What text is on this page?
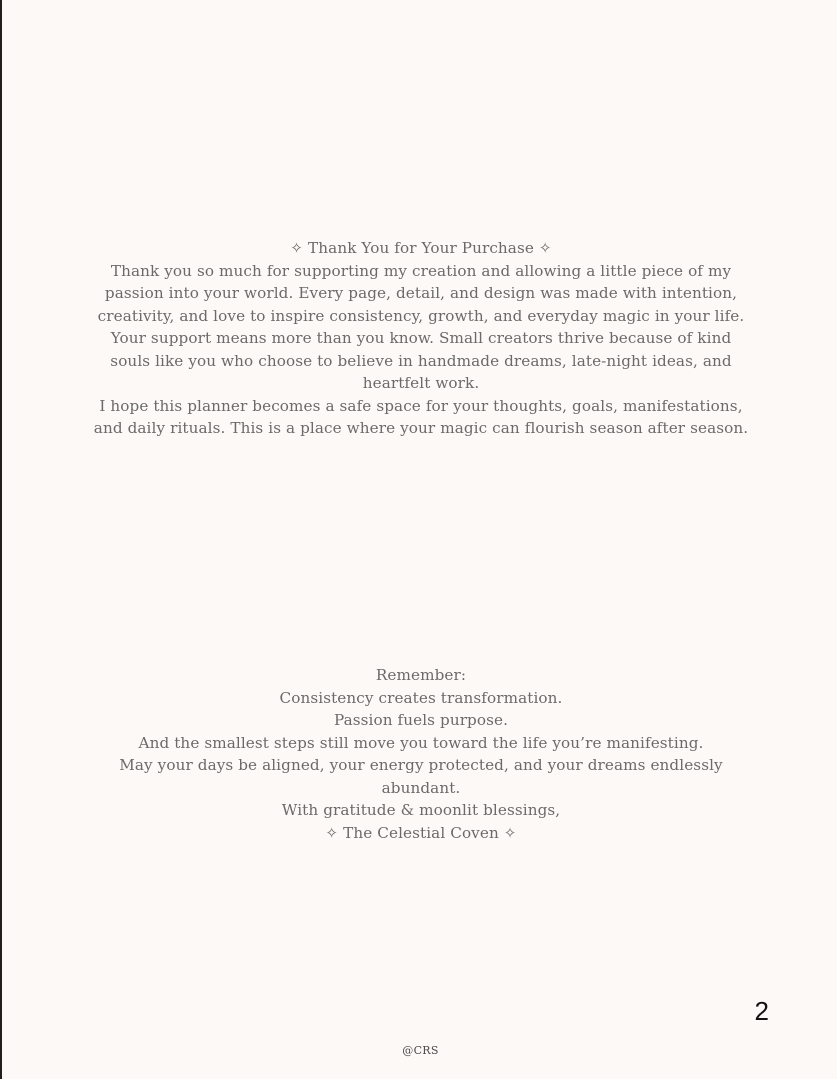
✧ Thank You for Your Purchase ✧

Thank you so much for supporting my creation and allowing a little piece of my passion into your world. Every page, detail, and design was made with intention, creativity, and love to inspire consistency, growth, and everyday magic in your life.

Your support means more than you know. Small creators thrive because of kind souls like you who choose to believe in handmade dreams, late-night ideas, and heartfelt work.

I hope this planner becomes a safe space for your thoughts, goals, manifestations, and daily rituals. This is a place where your magic can flourish season after season.

Remember:
Consistency creates transformation.
Passion fuels purpose.
And the smallest steps still move you toward the life you’re manifesting.
May your days be aligned, your energy protected, and your dreams endlessly abundant.
With gratitude & moonlit blessings,
✧ The Celestial Coven ✧
2
@CRS
